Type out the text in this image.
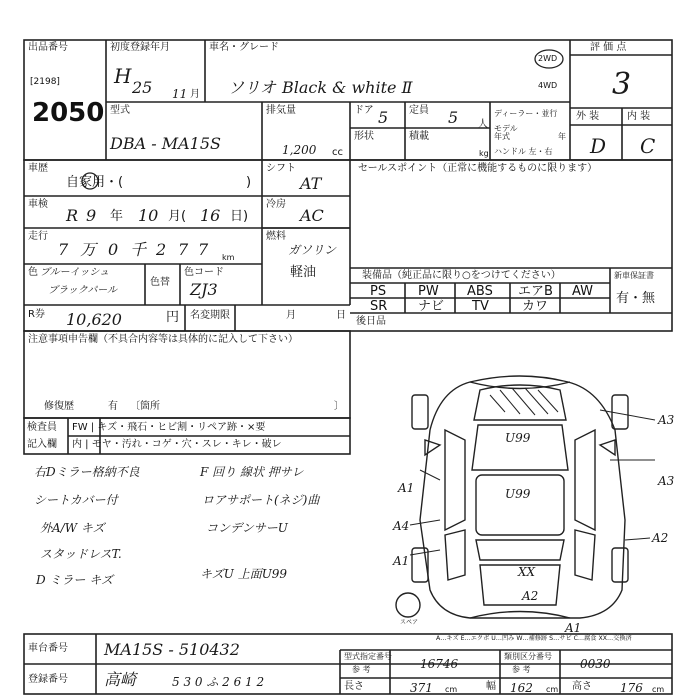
出品番号
[2198]
2050
初度登録年月
H 25 11 月
車名・グレード
ソリオ Black & white Ⅱ
2WD
4WD
評 価 点
3
型式
DBA - MA15S
排気量
1,200 cc
ドア 5 定員 5 人
形状	積載
kg
ディーラー・並行
モデル
年式	年
ハンドル 左・右
外 装	内 装
D C
車歴
自家用・(	)
シフト
AT
セールスポイント（正常に機能するものに限ります）
車検
R 9 年 10 月( 16 日)
冷房
AC
走行
7 万 0 千 2 7 7 km
燃料
ガソリン
軽油
色 ブルーイッシュ
ブラックパール
色替
色コード
ZJ3
装備品（純正品に限り○をつけてください）	新車保証書
有・無
PS PW ABS エアB AW
SR ナビ TV	カワ
後日品
R券 10,620	円 名変期限	月	日
注意事項申告欄（不具合内容等は具体的に記入して下さい）
修復歴	有 〔箇所	〕
検査員
記入欄
FW | キズ・飛石・ヒビ割・リペア跡・×要
内 | モヤ・汚れ・コゲ・穴・スレ・キレ・破レ
右Dミラー格納不良
シートカバー付
外A/W キズ
スタッドレスT.
D ミラー キズ
F 回り 線状 押サレ
ロアサポート(ネジ)曲
コンデンサーU
キズU 上面U99
U99
U99
A3
A3
A1
A4
A1
A2
XX
A2
A1
スペア
A…キズ E…エクボ U…凹み W…補修跡 S…サビ C…腐食 XX…交換済
車台番号 MA15S - 510432
登録番号 高崎	5 3 0 ふ 2 6 1 2
型式指定番号
参 考	16746
類別区分番号
参 考	0030
長さ	371 cm	幅 162 cm 高さ 176 cm
